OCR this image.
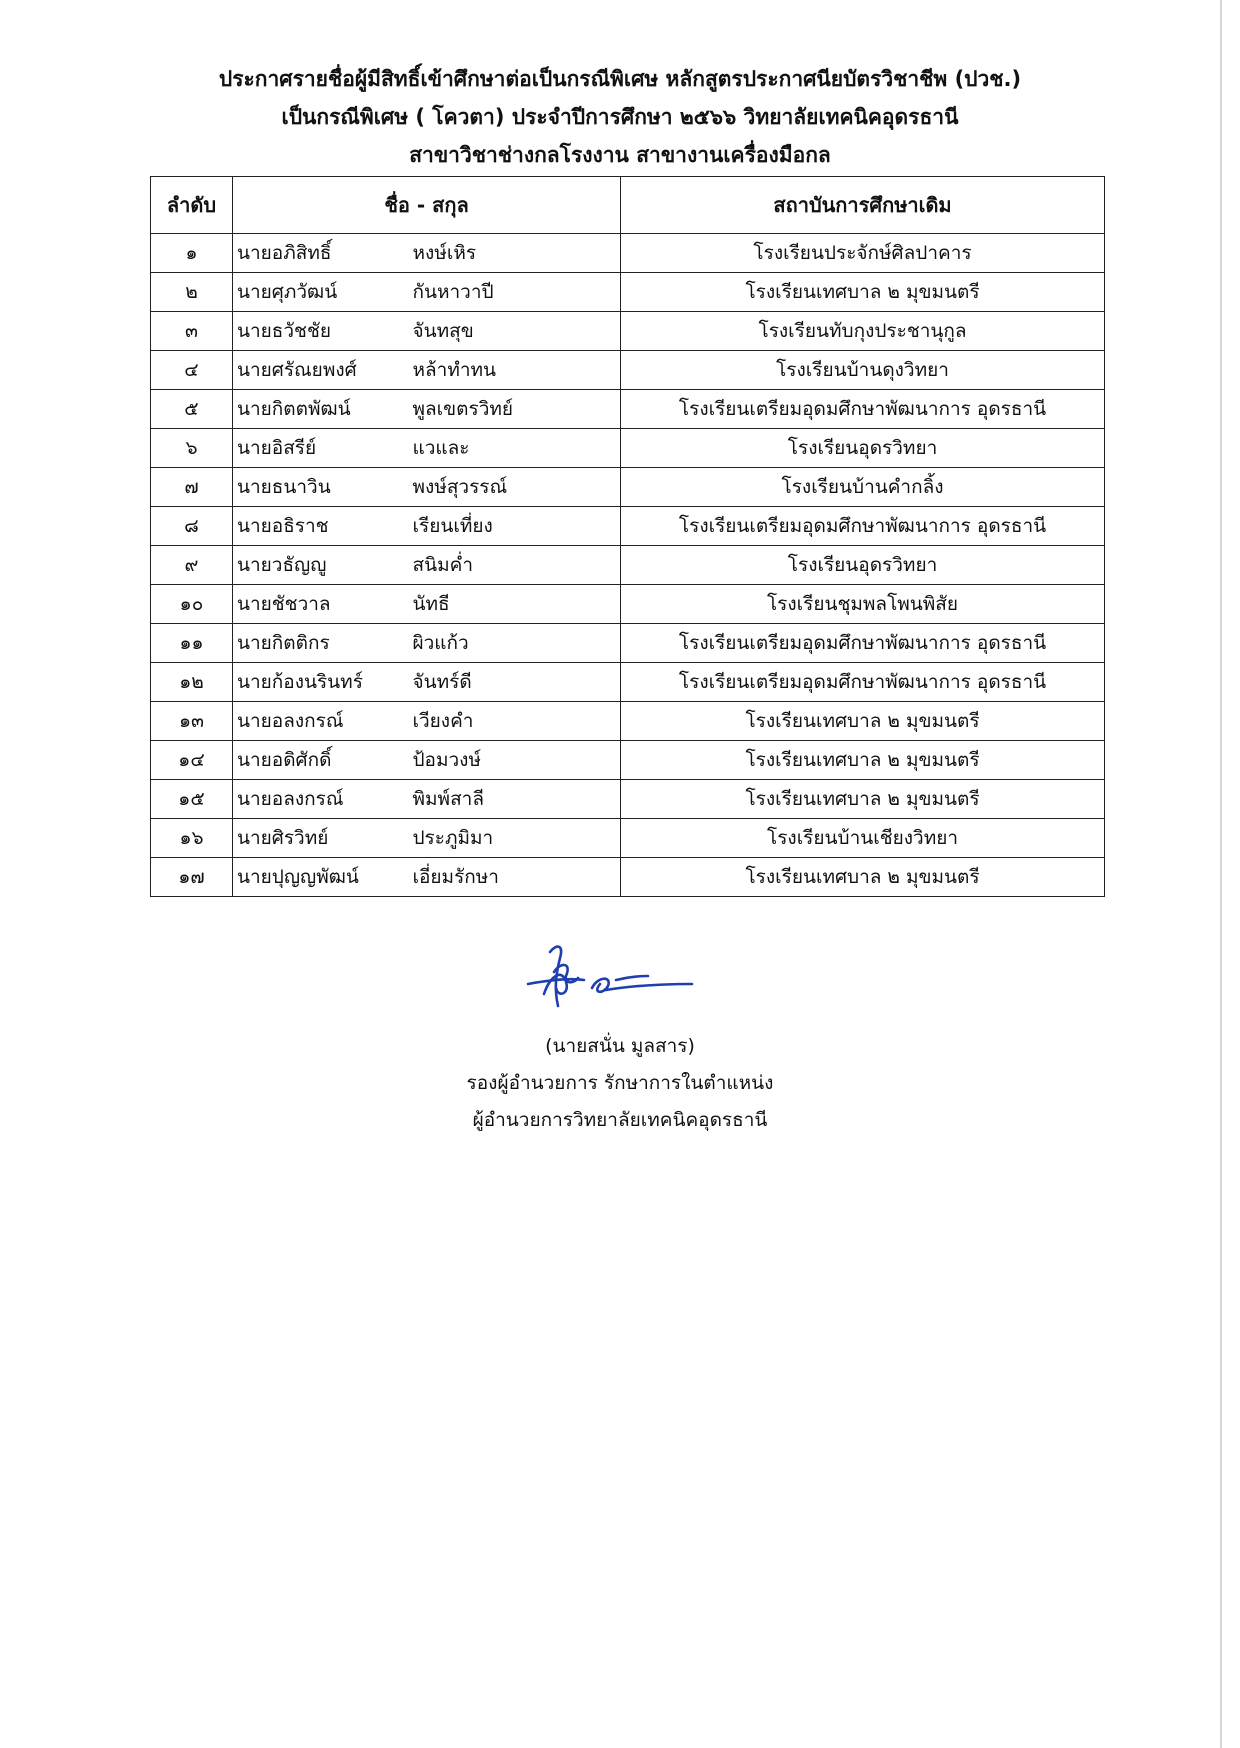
ประกาศรายชื่อผู้มีสิทธิ์เข้าศึกษาต่อเป็นกรณีพิเศษ หลักสูตรประกาศนียบัตรวิชาชีพ (ปวช.)
เป็นกรณีพิเศษ ( โควตา) ประจำปีการศึกษา ๒๕๖๖ วิทยาลัยเทคนิคอุดรธานี
สาขาวิชาช่างกลโรงงาน สาขางานเครื่องมือกล
ลำดับ	ชื่อ - สกุล		สถาบันการศึกษาเดิม
๑	นายอภิสิทธิ์	หงษ์เหิร	โรงเรียนประจักษ์ศิลปาคาร
๒	นายศุภวัฒน์	กันหาวาปี	โรงเรียนเทศบาล ๒ มุขมนตรี
๓	นายธวัชชัย	จันทสุข	โรงเรียนทับกุงประชานุกูล
๔	นายศรัณยพงศ์	หล้าทำทน	โรงเรียนบ้านดุงวิทยา
๕	นายกิตตพัฒน์	พูลเขตรวิทย์	โรงเรียนเตรียมอุดมศึกษาพัฒนาการ อุดรธานี
๖	นายอิสรีย์	แวและ	โรงเรียนอุดรวิทยา
๗	นายธนาวิน	พงษ์สุวรรณ์	โรงเรียนบ้านคำกลิ้ง
๘	นายอธิราช	เรียนเที่ยง	โรงเรียนเตรียมอุดมศึกษาพัฒนาการ อุดรธานี
๙	นายวธัญญู	สนิมค่ำ	โรงเรียนอุดรวิทยา
๑๐	นายชัชวาล	นัทธี	โรงเรียนชุมพลโพนพิสัย
๑๑	นายกิตติกร	ผิวแก้ว	โรงเรียนเตรียมอุดมศึกษาพัฒนาการ อุดรธานี
๑๒	นายก้องนรินทร์	จันทร์ดี	โรงเรียนเตรียมอุดมศึกษาพัฒนาการ อุดรธานี
๑๓	นายอลงกรณ์	เวียงคำ	โรงเรียนเทศบาล ๒ มุขมนตรี
๑๔	นายอดิศักดิ์	ป้อมวงษ์	โรงเรียนเทศบาล ๒ มุขมนตรี
๑๕	นายอลงกรณ์	พิมพ์สาลี	โรงเรียนเทศบาล ๒ มุขมนตรี
๑๖	นายศิรวิทย์	ประภูมิมา	โรงเรียนบ้านเชียงวิทยา
๑๗	นายปุญญพัฒน์	เอี่ยมรักษา	โรงเรียนเทศบาล ๒ มุขมนตรี
(นายสนั่น มูลสาร)
รองผู้อำนวยการ รักษาการในตำแหน่ง
ผู้อำนวยการวิทยาลัยเทคนิคอุดรธานี
